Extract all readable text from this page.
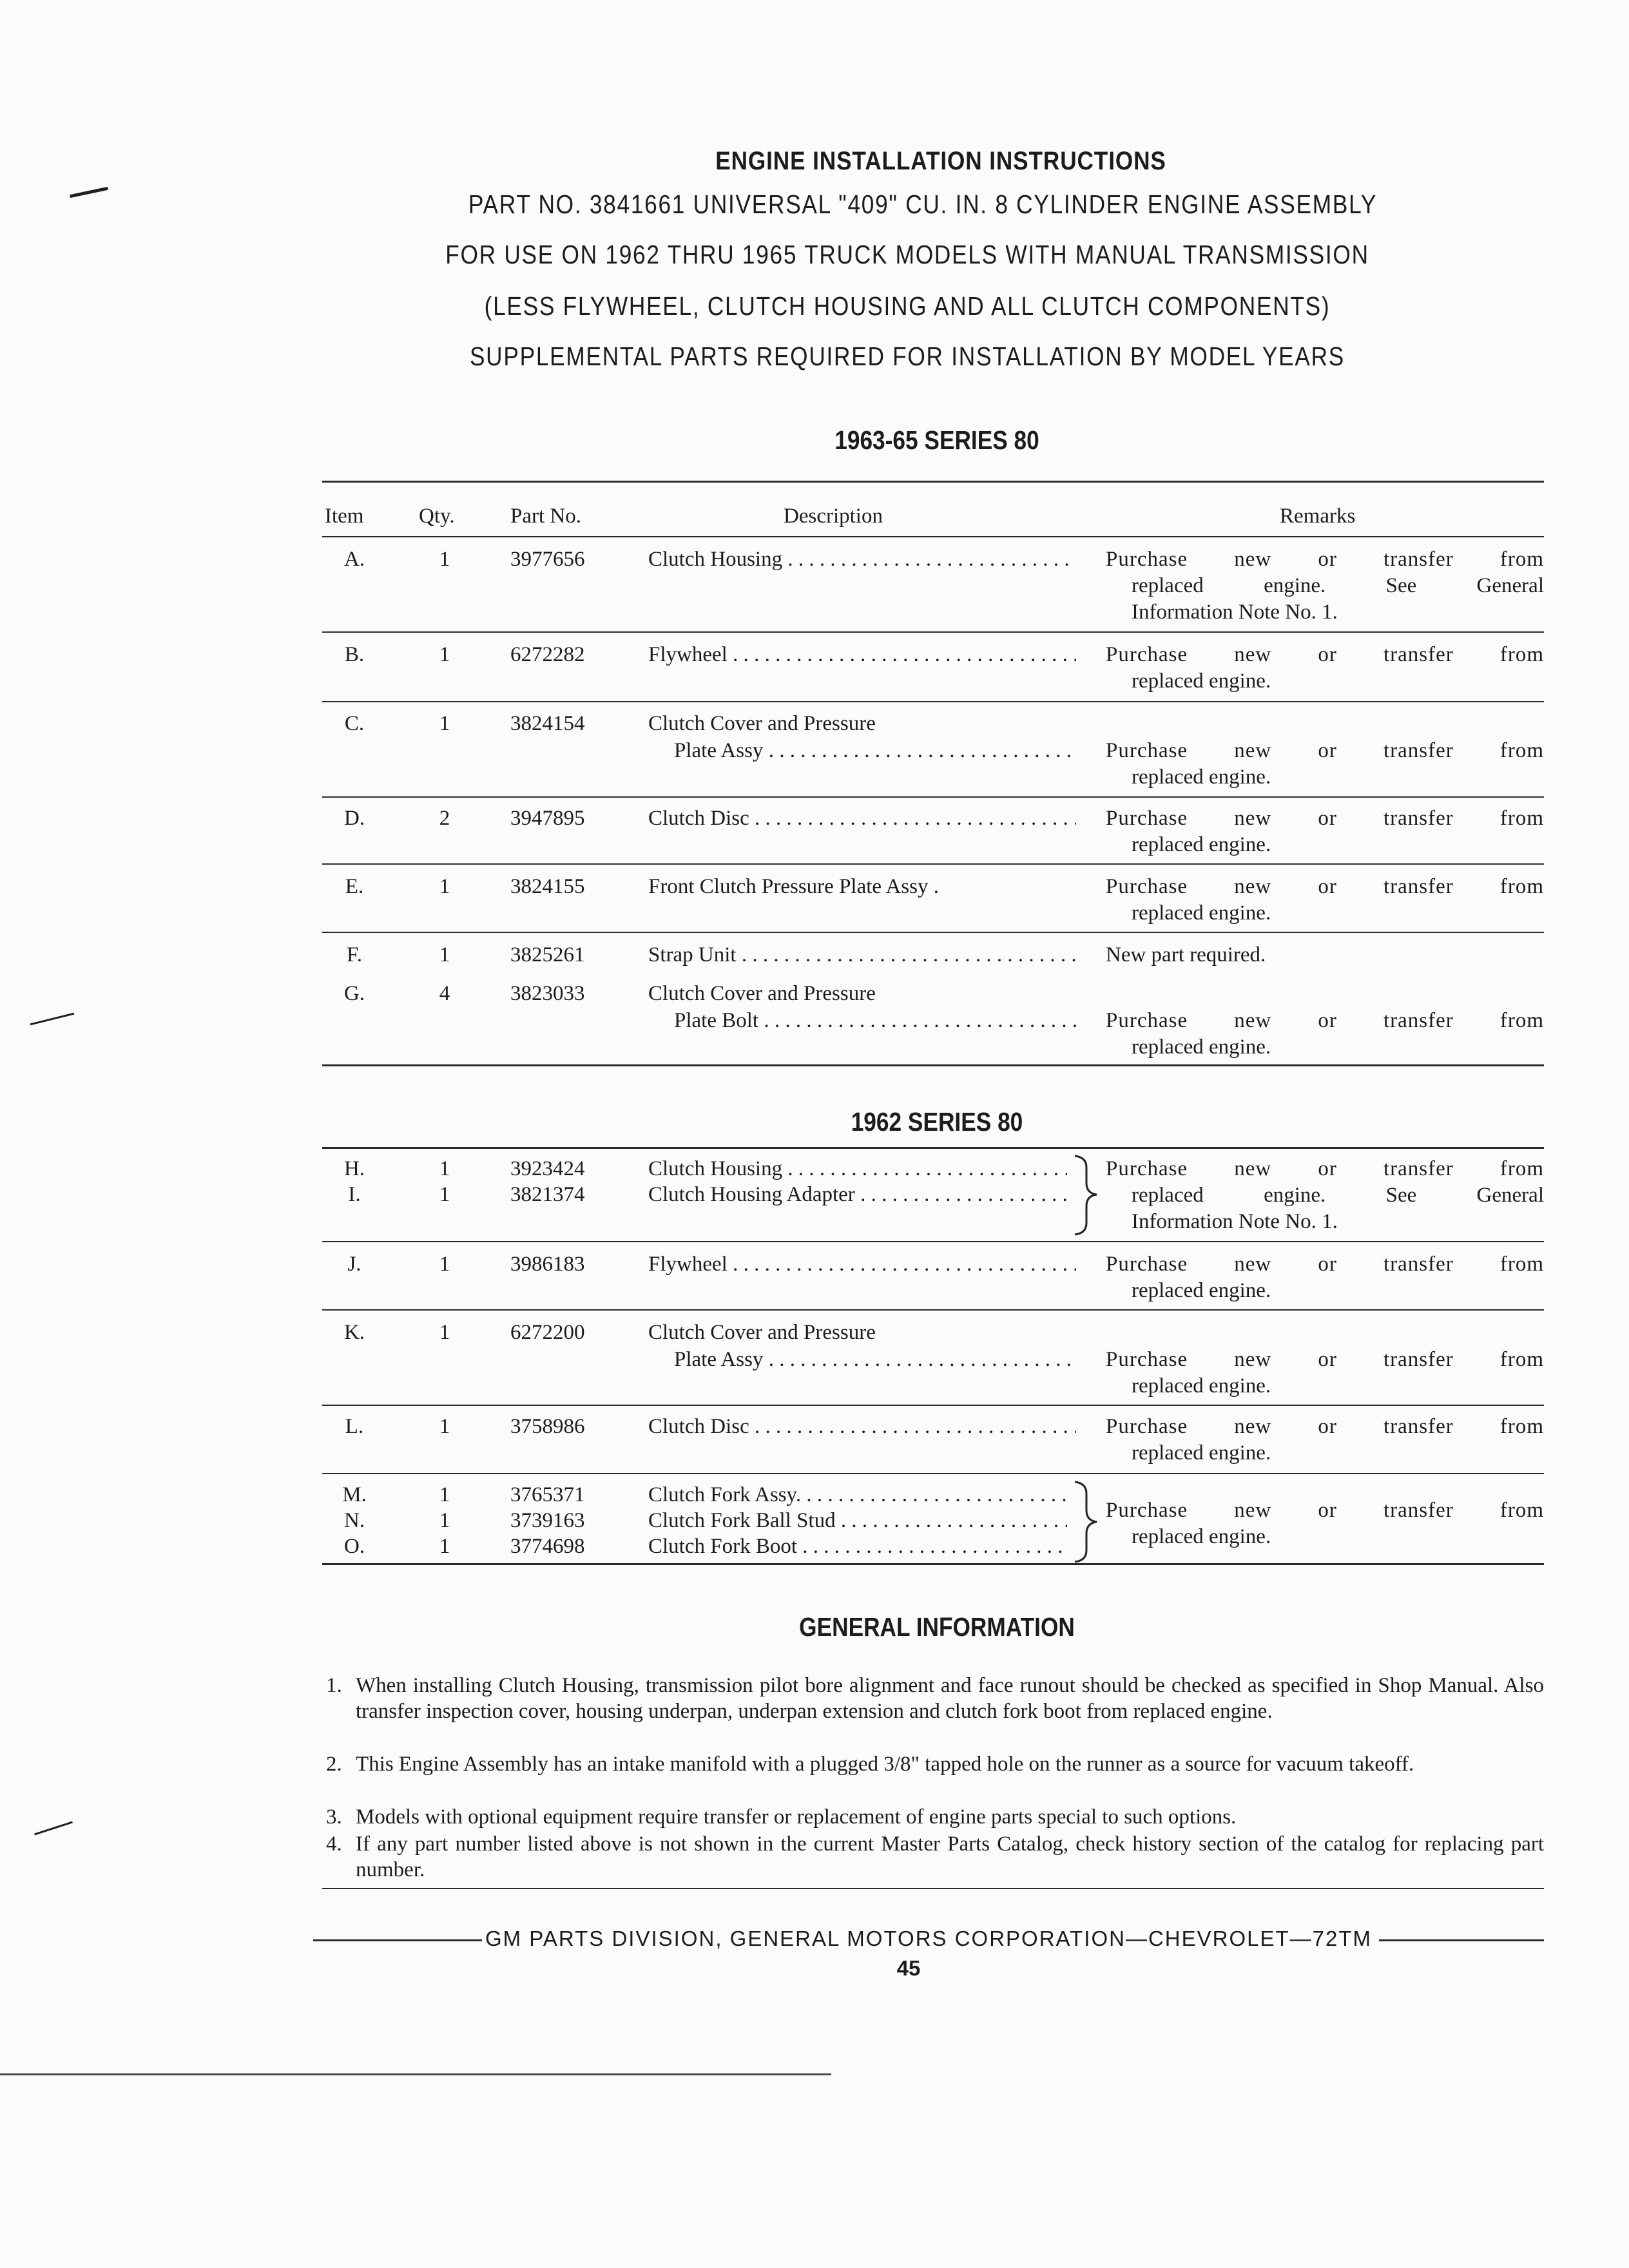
ENGINE INSTALLATION INSTRUCTIONS
PART NO. 3841661 UNIVERSAL "409" CU. IN. 8 CYLINDER ENGINE ASSEMBLY
FOR USE ON 1962 THRU 1965 TRUCK MODELS WITH MANUAL TRANSMISSION
(LESS FLYWHEEL, CLUTCH HOUSING AND ALL CLUTCH COMPONENTS)
SUPPLEMENTAL PARTS REQUIRED FOR INSTALLATION BY MODEL YEARS
1963-65 SERIES 80
Item	Qty.	Part No.	Description	Remarks
A.	1	3977656	Clutch Housing . . .	Purchase new or transfer from
replaced engine. See General
Information Note No. 1.
B.	1	6272282	Flywheel . . .	Purchase new or transfer from
replaced engine.
C.	1	3824154	Clutch Cover and Pressure
Plate Assy . . .	Purchase new or transfer from
replaced engine.
D.	2	3947895	Clutch Disc . . .	Purchase new or transfer from
replaced engine.
E.	1	3824155	Front Clutch Pressure Plate Assy .	Purchase new or transfer from
replaced engine.
F.	1	3825261	Strap Unit . . .	New part required.
G.	4	3823033	Clutch Cover and Pressure
Plate Bolt . . .	Purchase new or transfer from
replaced engine.
1962 SERIES 80
H.	1	3923424	Clutch Housing . . .
I.	1	3821374	Clutch Housing Adapter . . .
Purchase new or transfer from
replaced engine. See General
Information Note No. 1.
J.	1	3986183	Flywheel . . .	Purchase new or transfer from
replaced engine.
K.	1	6272200	Clutch Cover and Pressure
Plate Assy . . .	Purchase new or transfer from
replaced engine.
L.	1	3758986	Clutch Disc . . .	Purchase new or transfer from
replaced engine.
M.	1	3765371	Clutch Fork Assy. . . .
N.	1	3739163	Clutch Fork Ball Stud . . .
O.	1	3774698	Clutch Fork Boot . . .
Purchase new or transfer from
replaced engine.
GENERAL INFORMATION
1. When installing Clutch Housing, transmission pilot bore alignment and face runout should be checked as specified in Shop Manual. Also transfer inspection cover, housing underpan, underpan extension and clutch fork boot from replaced engine.
2. This Engine Assembly has an intake manifold with a plugged 3/8" tapped hole on the runner as a source for vacuum takeoff.
3. Models with optional equipment require transfer or replacement of engine parts special to such options.
4. If any part number listed above is not shown in the current Master Parts Catalog, check history section of the catalog for replacing part number.
GM PARTS DIVISION, GENERAL MOTORS CORPORATION—CHEVROLET—72TM
45
